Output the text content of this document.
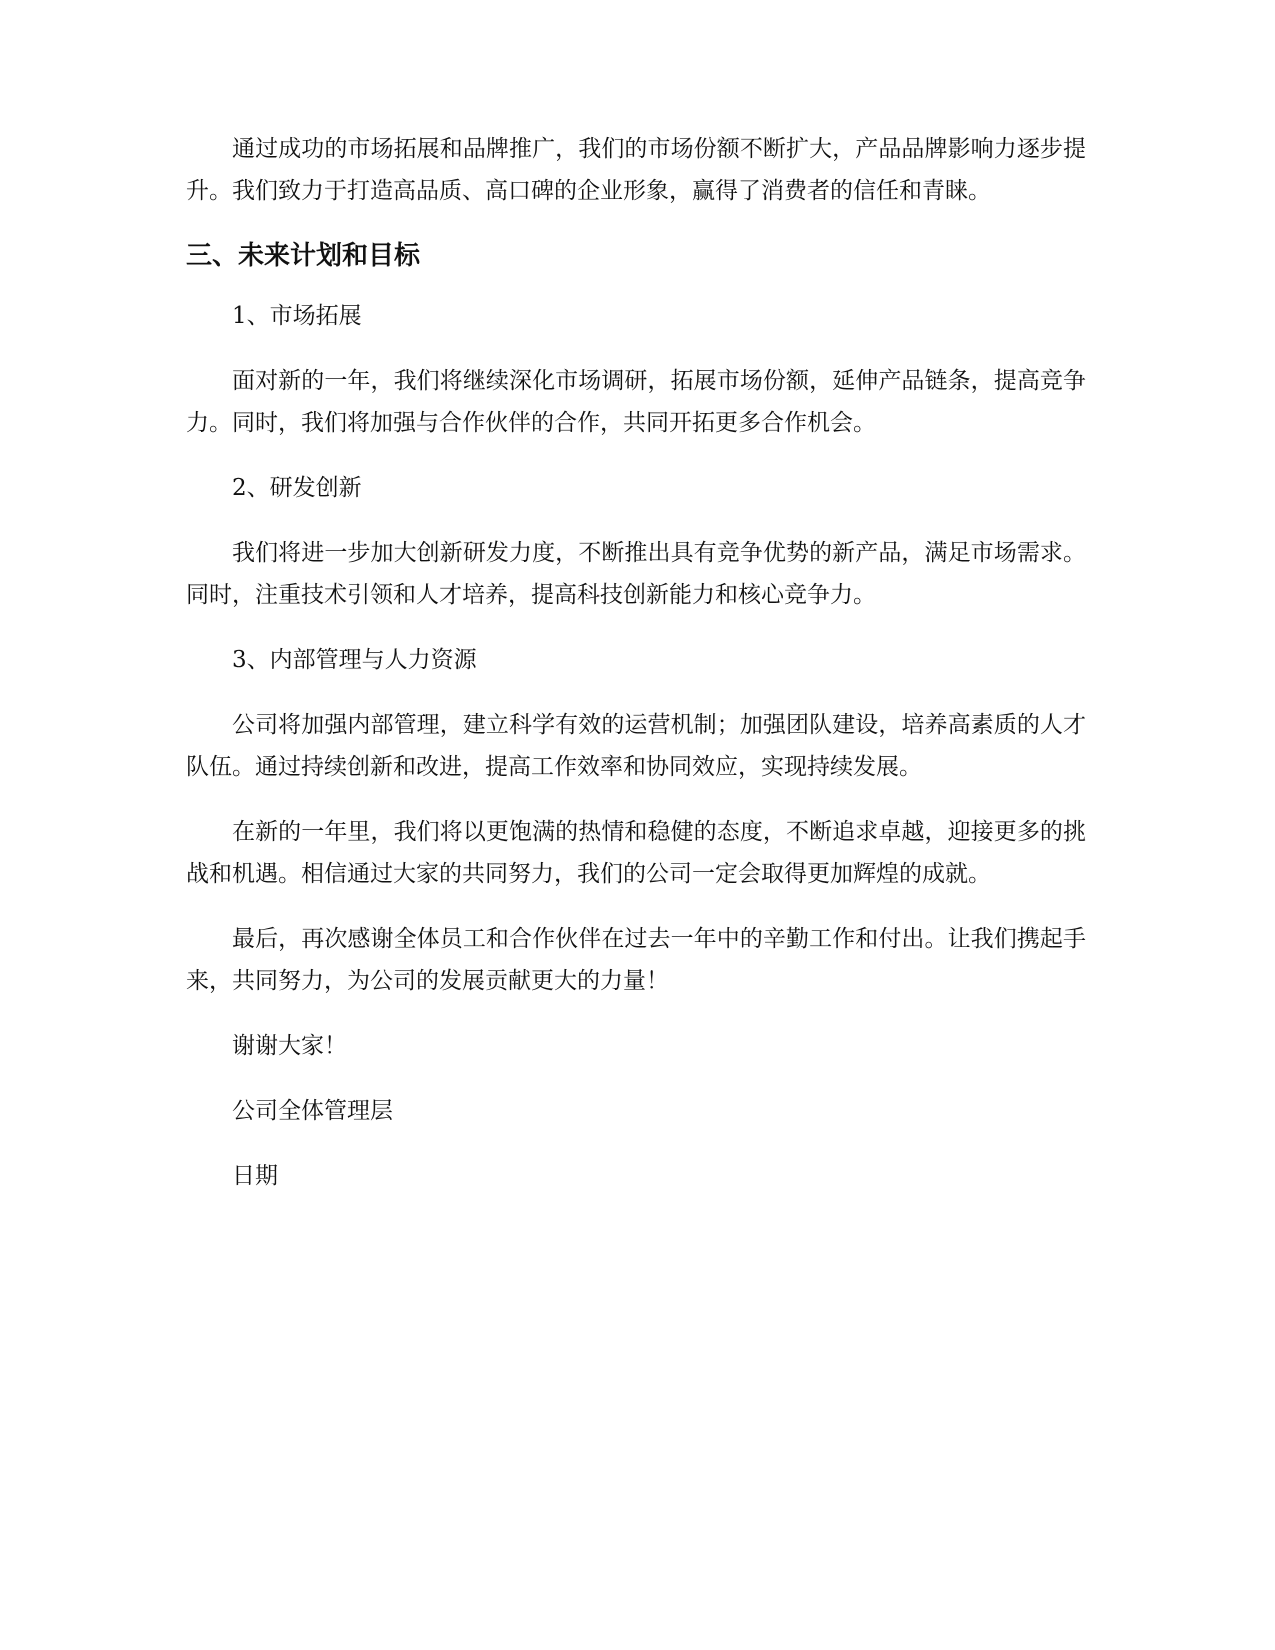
通过成功的市场拓展和品牌推广，我们的市场份额不断扩大，产品品牌影响力逐步提升。我们致力于打造高品质、高口碑的企业形象，赢得了消费者的信任和青睐。

三、未来计划和目标

1、市场拓展

面对新的一年，我们将继续深化市场调研，拓展市场份额，延伸产品链条，提高竞争力。同时，我们将加强与合作伙伴的合作，共同开拓更多合作机会。

2、研发创新

我们将进一步加大创新研发力度，不断推出具有竞争优势的新产品，满足市场需求。同时，注重技术引领和人才培养，提高科技创新能力和核心竞争力。

3、内部管理与人力资源

公司将加强内部管理，建立科学有效的运营机制；加强团队建设，培养高素质的人才队伍。通过持续创新和改进，提高工作效率和协同效应，实现持续发展。

在新的一年里，我们将以更饱满的热情和稳健的态度，不断追求卓越，迎接更多的挑战和机遇。相信通过大家的共同努力，我们的公司一定会取得更加辉煌的成就。

最后，再次感谢全体员工和合作伙伴在过去一年中的辛勤工作和付出。让我们携起手来，共同努力，为公司的发展贡献更大的力量！

谢谢大家！

公司全体管理层

日期
